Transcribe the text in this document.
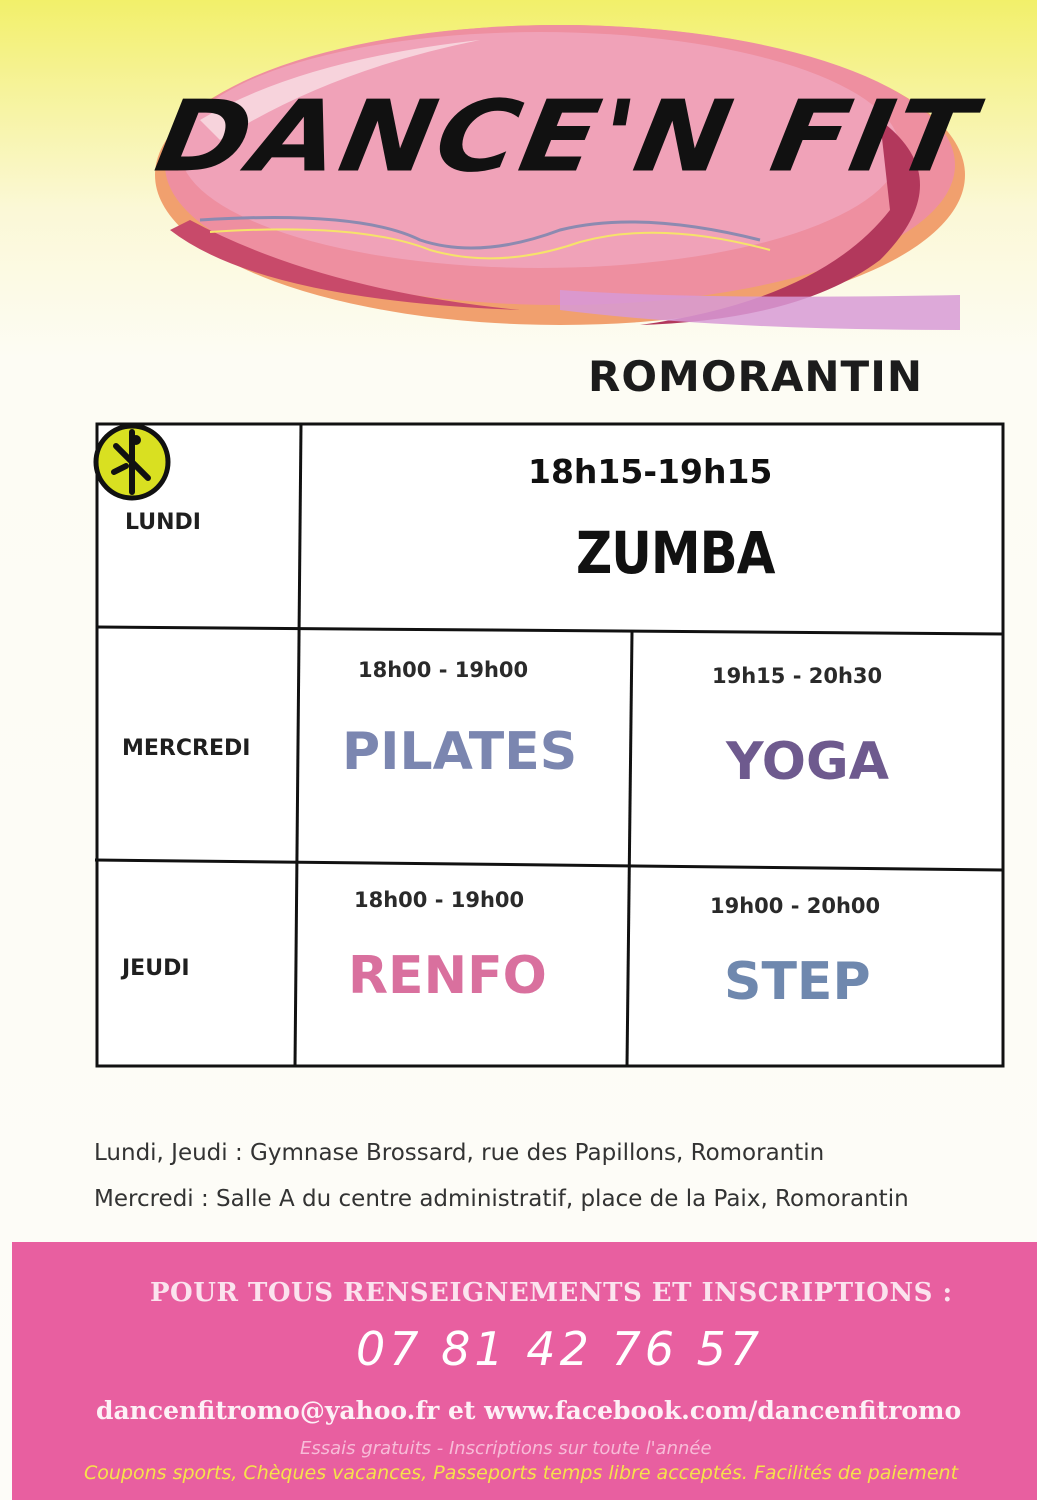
DANCE'N FIT
ROMORANTIN
LUNDI
18h15-19h15
ZUMBA
MERCREDI
18h00 - 19h00
PILATES
19h15 - 20h30
YOGA
JEUDI
18h00 - 19h00
RENFO
19h00 - 20h00
STEP
Lundi, Jeudi : Gymnase Brossard, rue des Papillons, Romorantin
Mercredi : Salle A du centre administratif, place de la Paix, Romorantin
POUR TOUS RENSEIGNEMENTS ET INSCRIPTIONS :
07 81 42 76 57
dancenfitromo@yahoo.fr et www.facebook.com/dancenfitromo
Essais gratuits - Inscriptions sur toute l'année
Coupons sports, Chèques vacances, Passeports temps libre acceptés. Facilités de paiement
